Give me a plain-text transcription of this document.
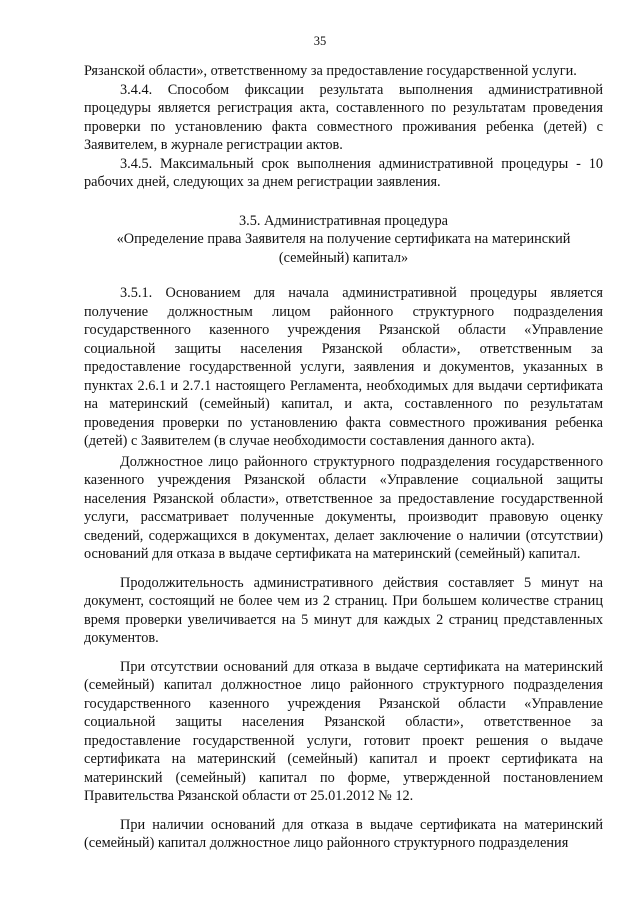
35

Рязанской области», ответственному за предоставление государственной услуги.

3.4.4. Способом фиксации результата выполнения административной процедуры является регистрация акта, составленного по результатам проведения проверки по установлению факта совместного проживания ребенка (детей) с Заявителем, в журнале регистрации актов.

3.4.5. Максимальный срок выполнения административной процедуры - 10 рабочих дней, следующих за днем регистрации заявления.

3.5. Административная процедура
«Определение права Заявителя на получение сертификата на материнский
(семейный) капитал»

3.5.1. Основанием для начала административной процедуры является получение должностным лицом районного структурного подразделения государственного казенного учреждения Рязанской области «Управление социальной защиты населения Рязанской области», ответственным за предоставление государственной услуги, заявления и документов, указанных в пунктах 2.6.1 и 2.7.1 настоящего Регламента, необходимых для выдачи сертификата на материнский (семейный) капитал, и акта, составленного по результатам проведения проверки по установлению факта совместного проживания ребенка (детей) с Заявителем (в случае необходимости составления данного акта).

Должностное лицо районного структурного подразделения государственного казенного учреждения Рязанской области «Управление социальной защиты населения Рязанской области», ответственное за предоставление государственной услуги, рассматривает полученные документы, производит правовую оценку сведений, содержащихся в документах, делает заключение о наличии (отсутствии) оснований для отказа в выдаче сертификата на материнский (семейный) капитал.

Продолжительность административного действия составляет 5 минут на документ, состоящий не более чем из 2 страниц. При большем количестве страниц время проверки увеличивается на 5 минут для каждых 2 страниц представленных документов.

При отсутствии оснований для отказа в выдаче сертификата на материнский (семейный) капитал должностное лицо районного структурного подразделения государственного казенного учреждения Рязанской области «Управление социальной защиты населения Рязанской области», ответственное за предоставление государственной услуги, готовит проект решения о выдаче сертификата на материнский (семейный) капитал и проект сертификата на материнский (семейный) капитал по форме, утвержденной постановлением Правительства Рязанской области от 25.01.2012 № 12.

При наличии оснований для отказа в выдаче сертификата на материнский (семейный) капитал должностное лицо районного структурного подразделения
